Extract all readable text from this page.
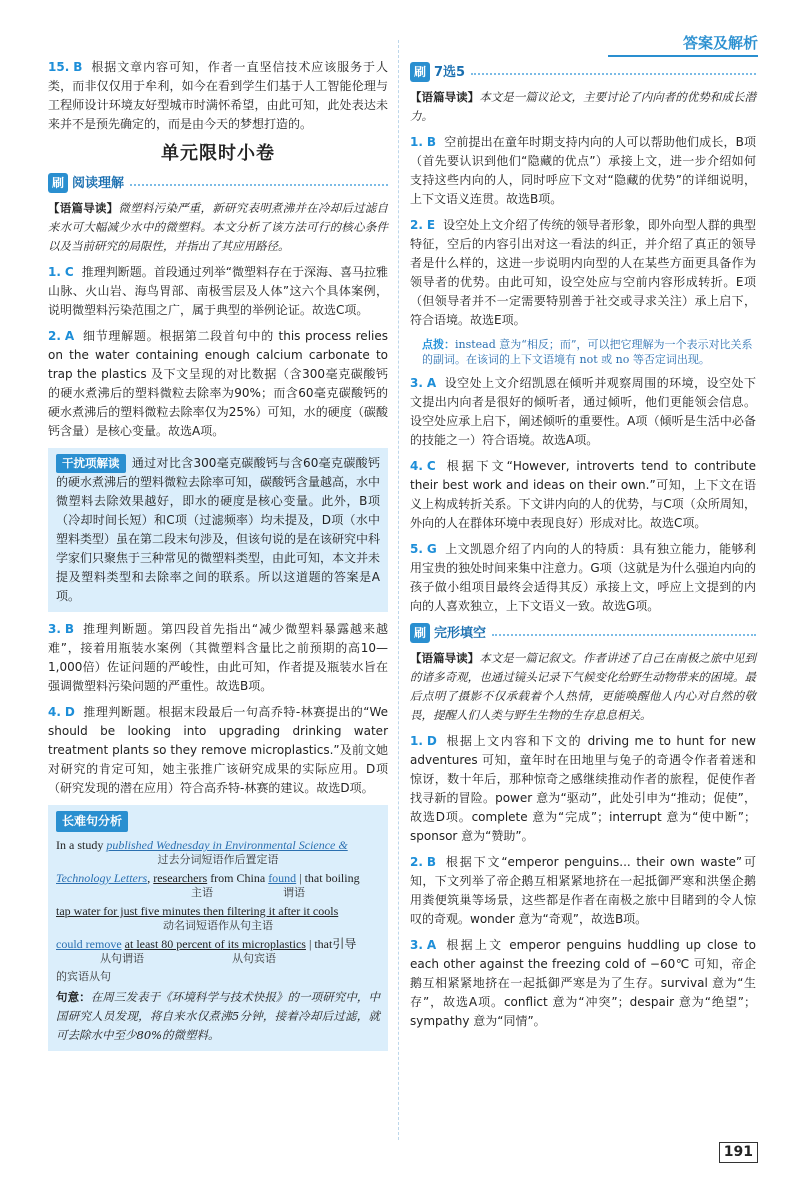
答案及解析
15. B 根据文章内容可知，作者一直坚信技术应该服务于人类，而非仅仅用于牟利，如今在看到学生们基于人工智能伦理与工程师设计环境友好型城市时满怀希望，由此可知，此处表达未来并不是预先确定的，而是由今天的梦想打造的。
单元限时小卷
刷 阅读理解
【语篇导读】微塑料污染严重，新研究表明煮沸并在冷却后过滤自来水可大幅减少水中的微塑料。本文分析了该方法可行的核心条件以及当前研究的局限性，并指出了其应用路径。
1. C 推理判断题。首段通过列举“微塑料存在于深海、喜马拉雅山脉、火山岩、海鸟胃部、南极雪层及人体”这六个具体案例，说明微塑料污染范围之广，属于典型的举例论证。故选C项。
2. A 细节理解题。根据第二段首句中的 this process relies on the water containing enough calcium carbonate to trap the plastics 及下文呈现的对比数据（含300毫克碳酸钙的硬水煮沸后的塑料微粒去除率为90%；而含60毫克碳酸钙的硬水煮沸后的塑料微粒去除率仅为25%）可知，水的硬度（碳酸钙含量）是核心变量。故选A项。
干扰项解读 通过对比含300毫克碳酸钙与含60毫克碳酸钙的硬水煮沸后的塑料微粒去除率可知，碳酸钙含量越高，水中微塑料去除效果越好，即水的硬度是核心变量。此外，B项（冷却时间长短）和C项（过滤频率）均未提及，D项（水中塑料类型）虽在第二段末句涉及，但该句说的是在该研究中科学家们只聚焦于三种常见的微塑料类型，由此可知，本文并未提及塑料类型和去除率之间的联系。所以这道题的答案是A项。
3. B 推理判断题。第四段首先指出“减少微塑料暴露越来越难”，接着用瓶装水案例（其微塑料含量比之前预期的高10—1,000倍）佐证问题的严峻性，由此可知，作者提及瓶装水旨在强调微塑料污染问题的严重性。故选B项。
4. D 推理判断题。根据末段最后一句高乔特-林赛提出的“We should be looking into upgrading drinking water treatment plants so they remove microplastics.”及前文她对研究的肯定可知，她主张推广该研究成果的实际应用。D项（研究发现的潜在应用）符合高乔特-林赛的建议。故选D项。
长难句分析
In a study published Wednesday in Environmental Science &
过去分词短语作后置定语
Technology Letters, researchers from China found | that boiling
主语	谓语
tap water for just five minutes then filtering it after it cools
动名词短语作从句主语
could remove at least 80 percent of its microplastics | that引导
从句谓语	从句宾语
的宾语从句
句意：在周三发表于《环境科学与技术快报》的一项研究中，中国研究人员发现，将自来水仅煮沸5分钟，接着冷却后过滤，就可去除水中至少80%的微塑料。
刷 7选5
【语篇导读】本文是一篇议论文，主要讨论了内向者的优势和成长潜力。
1. B 空前提出在童年时期支持内向的人可以帮助他们成长，B项（首先要认识到他们“隐藏的优点”）承接上文，进一步介绍如何支持这些内向的人，同时呼应下文对“隐藏的优势”的详细说明，上下文语义连贯。故选B项。
2. E 设空处上文介绍了传统的领导者形象，即外向型人群的典型特征，空后的内容引出对这一看法的纠正，并介绍了真正的领导者是什么样的，这进一步说明内向型的人在某些方面更具备作为领导者的优势。由此可知，设空处应与空前内容形成转折。E项（但领导者并不一定需要特别善于社交或寻求关注）承上启下，符合语境。故选E项。
点拨：instead 意为“相反；而”，可以把它理解为一个表示对比关系的副词。在该词的上下文语境有 not 或 no 等否定词出现。
3. A 设空处上文介绍凯恩在倾听并观察周围的环境，设空处下文提出内向者是很好的倾听者，通过倾听，他们更能领会信息。设空处应承上启下，阐述倾听的重要性。A项（倾听是生活中必备的技能之一）符合语境。故选A项。
4. C 根据下文“However, introverts tend to contribute their best work and ideas on their own.”可知，上下文在语义上构成转折关系。下文讲内向的人的优势，与C项（众所周知，外向的人在群体环境中表现良好）形成对比。故选C项。
5. G 上文凯恩介绍了内向的人的特质：具有独立能力，能够利用宝贵的独处时间来集中注意力。G项（这就是为什么强迫内向的孩子做小组项目最终会适得其反）承接上文，呼应上文提到的内向的人喜欢独立，上下文语义一致。故选G项。
刷 完形填空
【语篇导读】本文是一篇记叙文。作者讲述了自己在南极之旅中见到的诸多奇观，也通过镜头记录下气候变化给野生动物带来的困境。最后点明了摄影不仅承载着个人热情，更能唤醒他人内心对自然的敬畏，提醒人们人类与野生生物的生存息息相关。
1. D 根据上文内容和下文的 driving me to hunt for new adventures 可知，童年时在田地里与兔子的奇遇令作者着迷和惊讶，数十年后，那种惊奇之感继续推动作者的旅程，促使作者找寻新的冒险。power 意为“驱动”，此处引申为“推动；促使”，故选D项。complete 意为“完成”；interrupt 意为“使中断”；sponsor 意为“赞助”。
2. B 根据下文“emperor penguins... their own waste”可知，下文列举了帝企鹅互相紧紧地挤在一起抵御严寒和洪堡企鹅用粪便筑巢等场景，这些都是作者在南极之旅中目睹到的令人惊叹的奇观。wonder 意为“奇观”，故选B项。
3. A 根据上文 emperor penguins huddling up close to each other against the freezing cold of −60℃ 可知，帝企鹅互相紧紧地挤在一起抵御严寒是为了生存。survival 意为“生存”，故选A项。conflict 意为“冲突”；despair 意为“绝望”；sympathy 意为“同情”。
191
